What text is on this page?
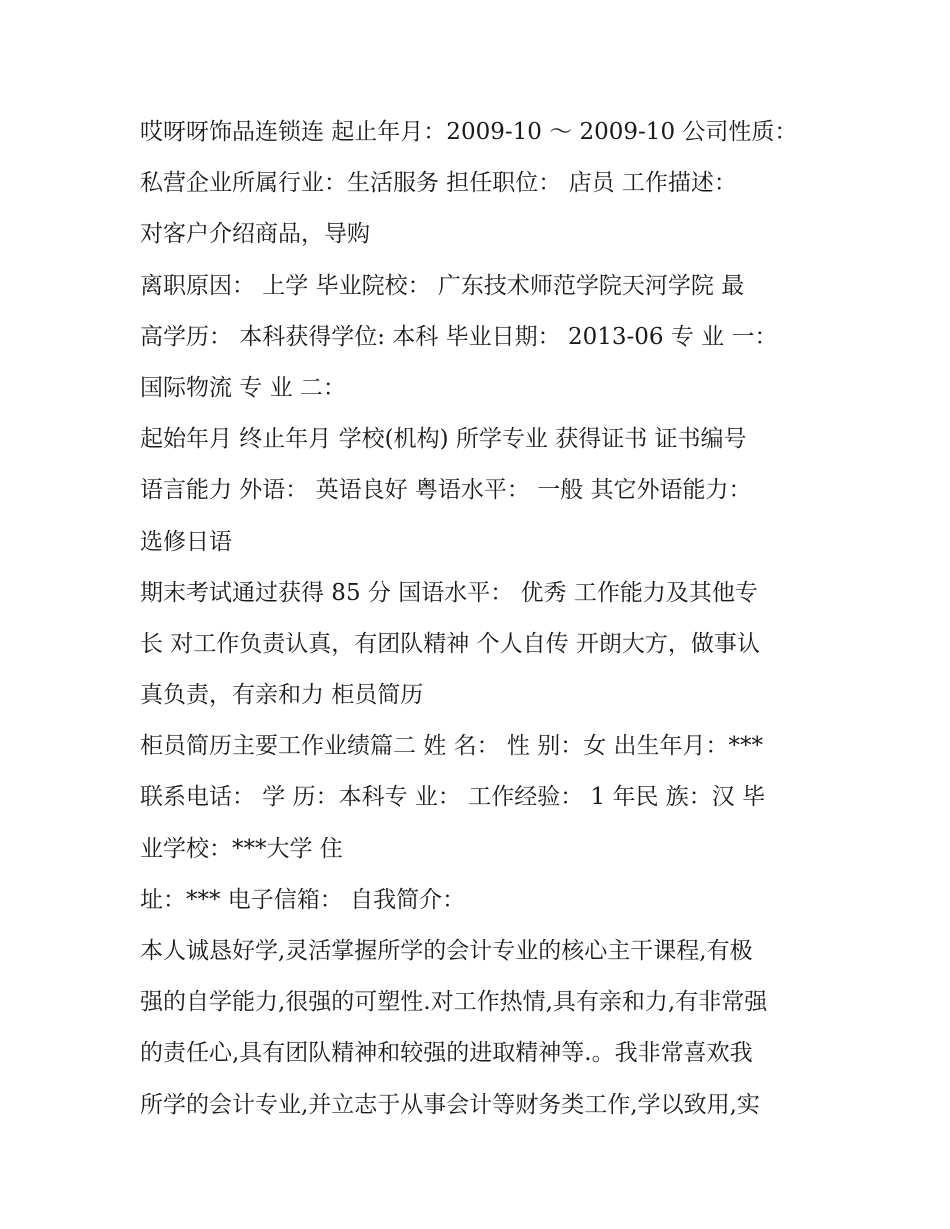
哎呀呀饰品连锁连 起止年月：2009-10 ～ 2009-10 公司性质：

私营企业所属行业：生活服务 担任职位： 店员 工作描述：

对客户介绍商品，导购

离职原因： 上学 毕业院校： 广东技术师范学院天河学院 最

高学历： 本科获得学位: 本科 毕业日期： 2013-06 专 业 一：

国际物流 专 业 二：

起始年月 终止年月 学校(机构) 所学专业 获得证书 证书编号

语言能力 外语： 英语良好 粤语水平： 一般 其它外语能力：

选修日语

期末考试通过获得 85 分 国语水平： 优秀 工作能力及其他专

长 对工作负责认真，有团队精神 个人自传 开朗大方，做事认

真负责，有亲和力 柜员简历

柜员简历主要工作业绩篇二 姓 名： 性 别：女 出生年月：***

联系电话： 学 历：本科专 业： 工作经验： 1 年民 族：汉 毕

业学校：***大学 住

址：*** 电子信箱： 自我简介：

本人诚恳好学,灵活掌握所学的会计专业的核心主干课程,有极

强的自学能力,很强的可塑性.对工作热情,具有亲和力,有非常强

的责任心,具有团队精神和较强的进取精神等.。我非常喜欢我

所学的会计专业,并立志于从事会计等财务类工作,学以致用,实
